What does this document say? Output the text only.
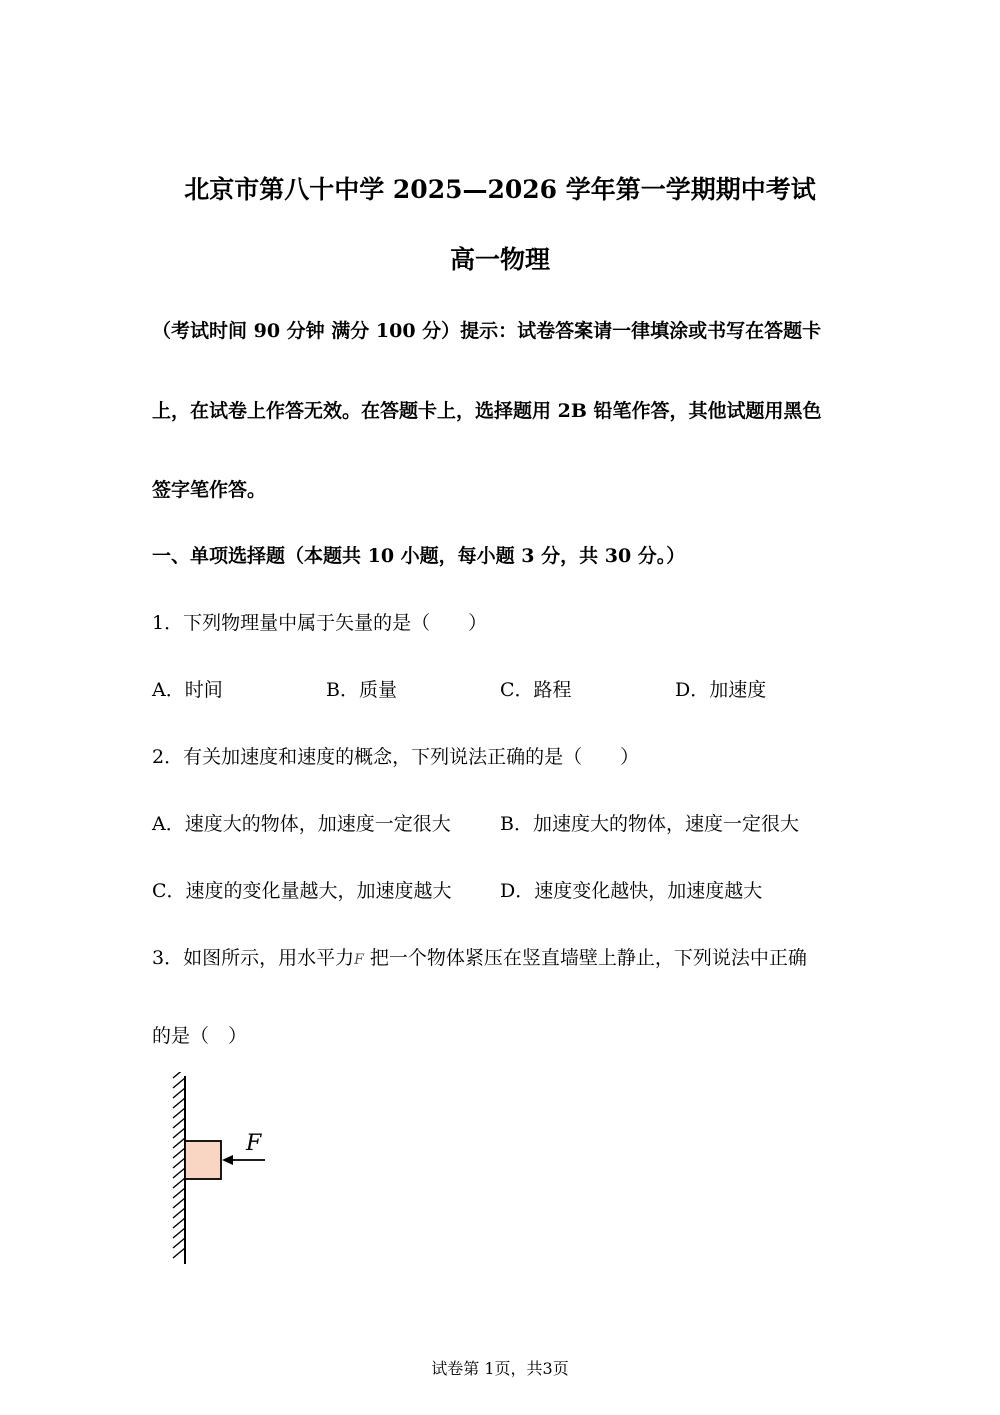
北京市第八十中学 2025—2026 学年第一学期期中考试
高一物理
（考试时间 90 分钟 满分 100 分）提示：试卷答案请一律填涂或书写在答题卡
上，在试卷上作答无效。在答题卡上，选择题用 2B 铅笔作答，其他试题用黑色
签字笔作答。
一、单项选择题（本题共 10 小题，每小题 3 分，共 30 分。）
1．下列物理量中属于矢量的是（　　）
A．时间	B．质量	C．路程	D．加速度
2．有关加速度和速度的概念，下列说法正确的是（　　）
A．速度大的物体，加速度一定很大	B．加速度大的物体，速度一定很大
C．速度的变化量越大，加速度越大	D．速度变化越快，加速度越大
3．如图所示，用水平力F 把一个物体紧压在竖直墙壁上静止，下列说法中正确
的是（　）
F
试卷第 1页，共3页
